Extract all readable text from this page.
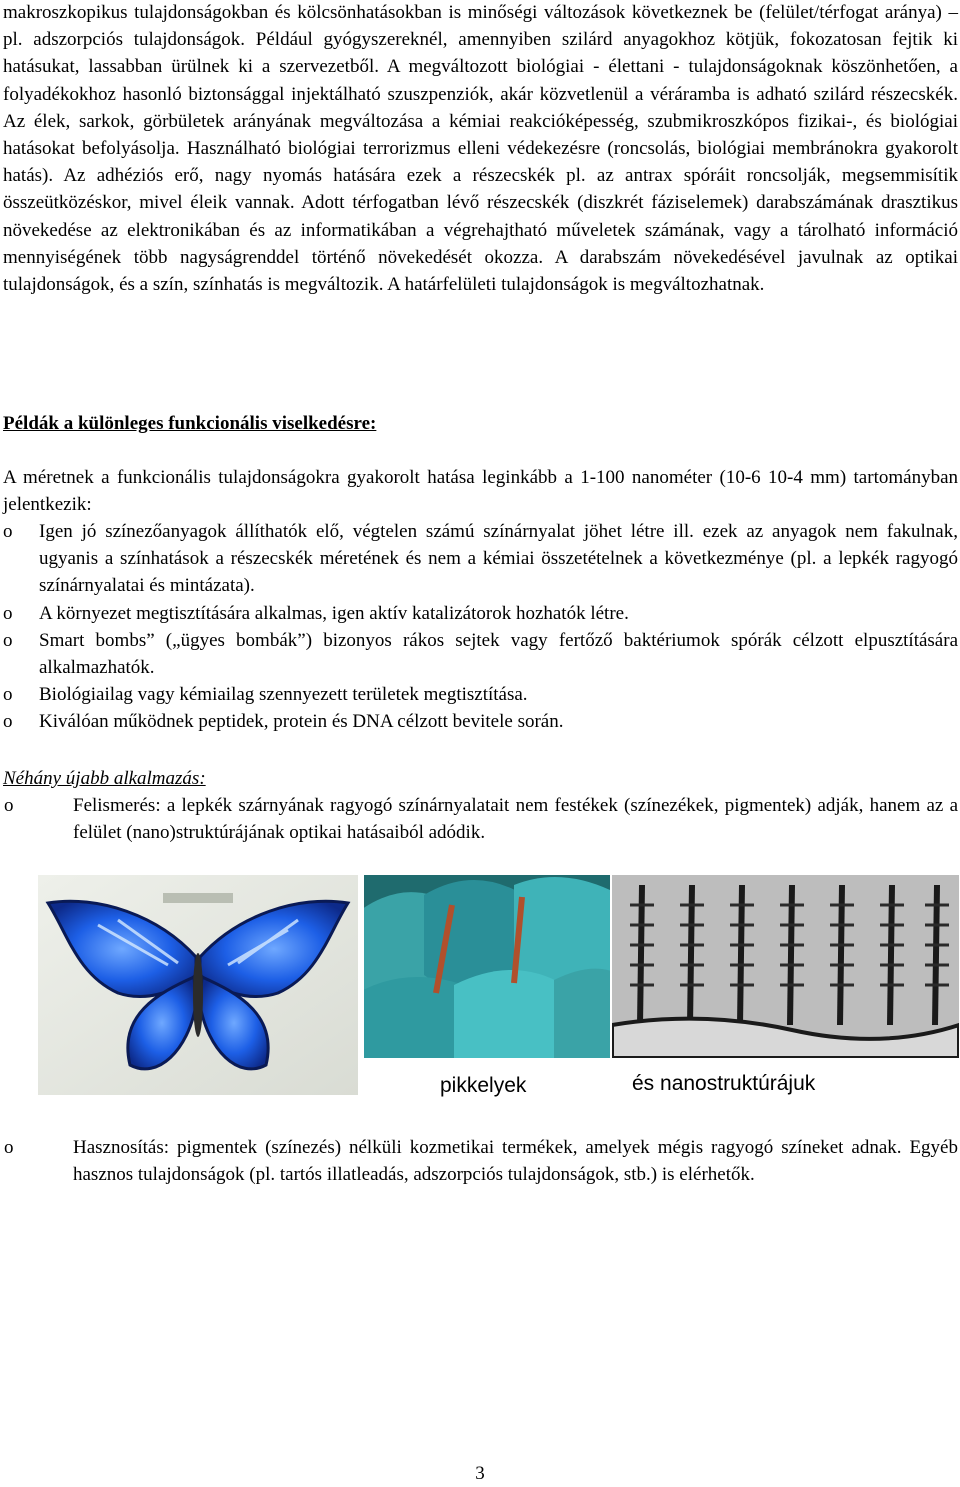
makroszkopikus tulajdonságokban és kölcsönhatásokban is minőségi változások következnek be (felület/térfogat aránya) – pl. adszorpciós tulajdonságok. Például gyógyszereknél, amennyiben szilárd anyagokhoz kötjük, fokozatosan fejtik ki hatásukat, lassabban ürülnek ki a szervezetből. A megváltozott biológiai - élettani - tulajdonságoknak köszönhetően, a folyadékokhoz hasonló biztonsággal injektálható szuszpenziók, akár közvetlenül a véráramba is adható szilárd részecskék. Az élek, sarkok, görbületek arányának megváltozása a kémiai reakcióképesség, szubmikroszkópos fizikai-, és biológiai hatásokat befolyásolja. Használható biológiai terrorizmus elleni védekezésre (roncsolás, biológiai membránokra gyakorolt hatás). Az adhéziós erő, nagy nyomás hatására ezek a részecskék pl. az antrax spóráit roncsolják, megsemmisítik összeütközéskor, mivel éleik vannak. Adott térfogatban lévő részecskék (diszkrét fáziselemek) darabszámának drasztikus növekedése az elektronikában és az informatikában a végrehajtható műveletek számának, vagy a tárolható információ mennyiségének több nagyságrenddel történő növekedését okozza. A darabszám növekedésével javulnak az optikai tulajdonságok, és a szín, színhatás is megváltozik. A határfelületi tulajdonságok is megváltozhatnak.

Példák a különleges funkcionális viselkedésre:

A méretnek a funkcionális tulajdonságokra gyakorolt hatása leginkább a 1-100 nanométer (10-6 10-4 mm) tartományban jelentkezik:

o Igen jó színezőanyagok állíthatók elő, végtelen számú színárnyalat jöhet létre ill. ezek az anyagok nem fakulnak, ugyanis a színhatások a részecskék méretének és nem a kémiai összetételnek a következménye (pl. a lepkék ragyogó színárnyalatai és mintázata).
o A környezet megtisztítására alkalmas, igen aktív katalizátorok hozhatók létre.
o Smart bombs” („ügyes bombák”) bizonyos rákos sejtek vagy fertőző baktériumok spórák célzott elpusztítására alkalmazhatók.
o Biológiailag vagy kémiailag szennyezett területek megtisztítása.
o Kiválóan működnek peptidek, protein és DNA célzott bevitele során.

Néhány újabb alkalmazás:

o	Felismerés: a lepkék szárnyának ragyogó színárnyalatait nem festékek (színezékek, pigmentek) adják, hanem az a felület (nano)struktúrájának optikai hatásaiból adódik.
pikkelyek	és nanostruktúrájuk
o	Hasznosítás: pigmentek (színezés) nélküli kozmetikai termékek, amelyek mégis ragyogó színeket adnak. Egyéb hasznos tulajdonságok (pl. tartós illatleadás, adszorpciós tulajdonságok, stb.) is elérhetők.
3
